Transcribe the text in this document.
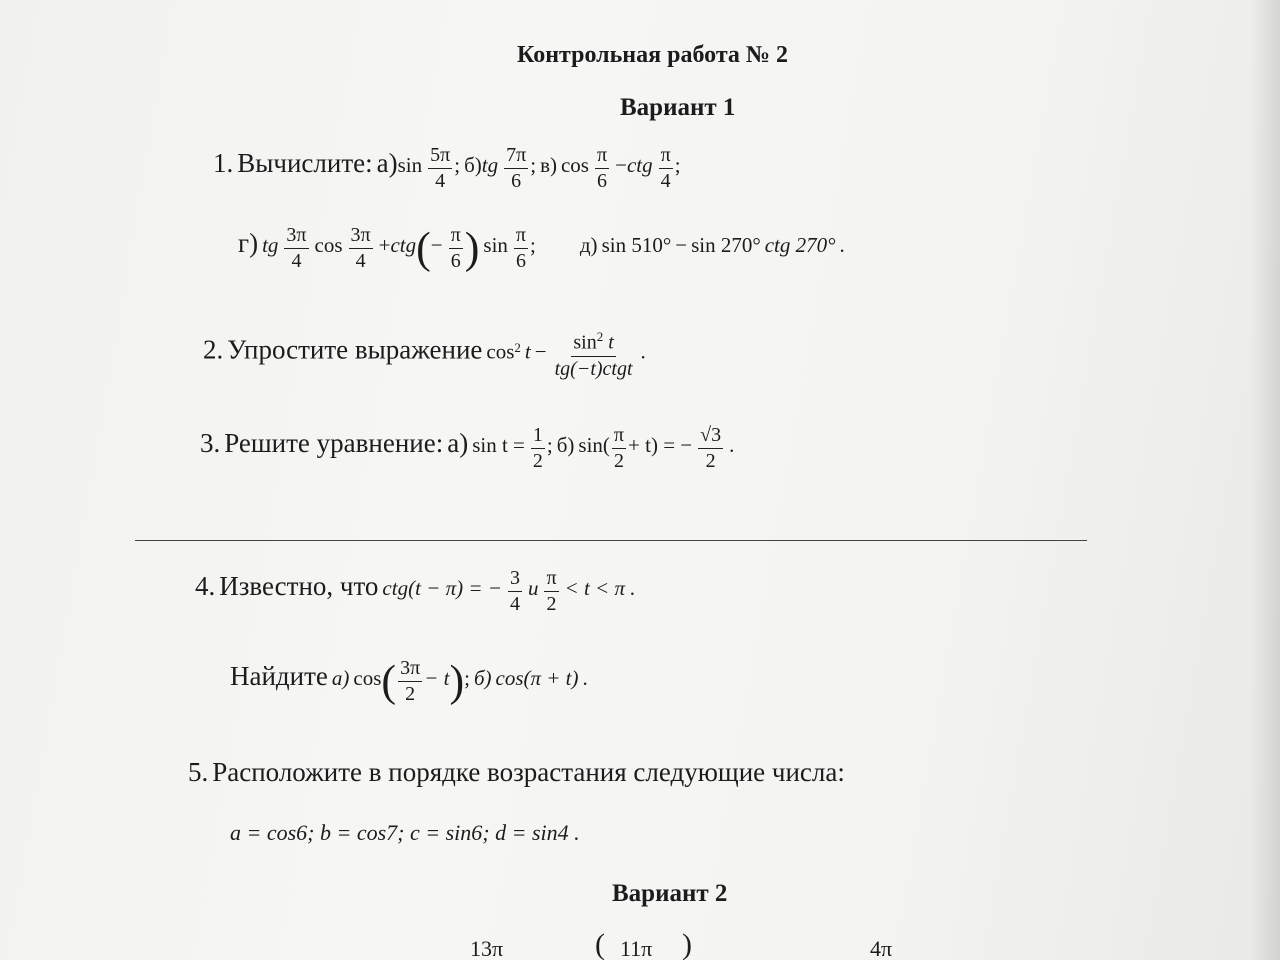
Контрольная работа № 2
Вариант 1
1. Вычислите: $а)\sin \frac{5\pi}{4}$ ; $б)tg \frac{7\pi}{6}$ ; в) $\cos \frac{\pi}{6} -ctg \frac{\pi}{4}$ ;
г) tg $\frac{3\pi}{4}$ $\cos \frac{3\pi}{4} +ctg(- \frac{\pi}{6}$ ) $\sin \frac{\pi}{6}$ ; д) sin 510° − sin 270° ctg 270° .
2. Упростите выражение $\cos^2 t - \frac{\sin^2 t}{\text{tg(−t)ctgt}}$ .
3. Решите уравнение: а) $\sin t = \frac{1}{2}$ ; б) $\sin( \frac{\pi}{2} + t)$ = − $\frac{√3}{2}$ .
4. Известно, что ctg(t − π) = − $\frac{3}{4}$ и $\frac{\pi}{2} < t < \pi$ .
Найдите а) $\cos( \frac{3\pi}{2} - t)$; б) cos(π + t) .
5. Расположите в порядке возрастания следующие числа:
a = cos6; b = cos7; c = sin6; d = sin4 .
Вариант 2
13π	( 11π )	4π
